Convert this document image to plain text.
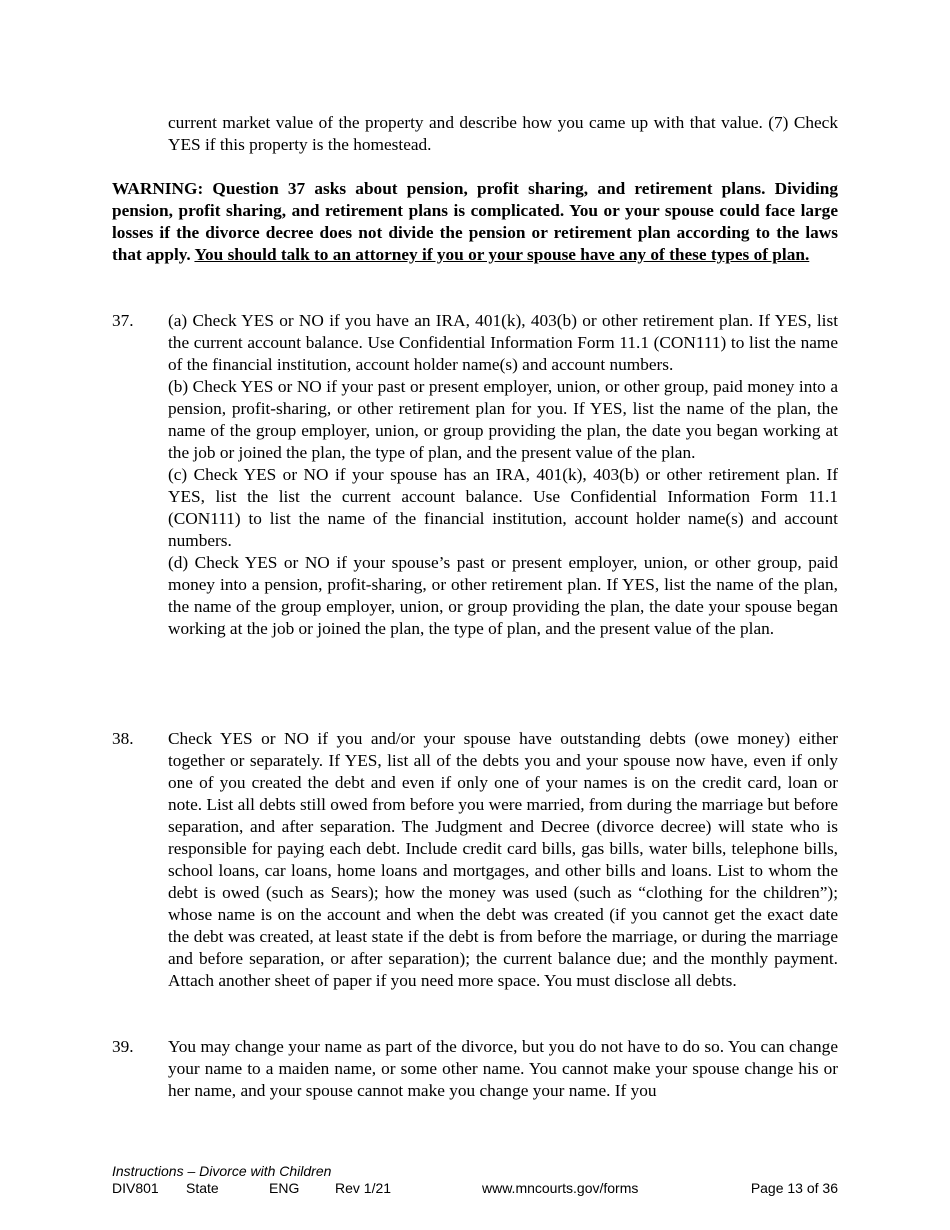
current market value of the property and describe how you came up with that value. (7) Check YES if this property is the homestead.
WARNING: Question 37 asks about pension, profit sharing, and retirement plans. Dividing pension, profit sharing, and retirement plans is complicated. You or your spouse could face large losses if the divorce decree does not divide the pension or retirement plan according to the laws that apply. You should talk to an attorney if you or your spouse have any of these types of plan.
37. (a) Check YES or NO if you have an IRA, 401(k), 403(b) or other retirement plan. If YES, list the current account balance. Use Confidential Information Form 11.1 (CON111) to list the name of the financial institution, account holder name(s) and account numbers.

(b) Check YES or NO if your past or present employer, union, or other group, paid money into a pension, profit-sharing, or other retirement plan for you. If YES, list the name of the plan, the name of the group employer, union, or group providing the plan, the date you began working at the job or joined the plan, the type of plan, and the present value of the plan.

(c) Check YES or NO if your spouse has an IRA, 401(k), 403(b) or other retirement plan. If YES, list the list the current account balance. Use Confidential Information Form 11.1 (CON111) to list the name of the financial institution, account holder name(s) and account numbers.

(d) Check YES or NO if your spouse’s past or present employer, union, or other group, paid money into a pension, profit-sharing, or other retirement plan. If YES, list the name of the plan, the name of the group employer, union, or group providing the plan, the date your spouse began working at the job or joined the plan, the type of plan, and the present value of the plan.

38. Check YES or NO if you and/or your spouse have outstanding debts (owe money) either together or separately. If YES, list all of the debts you and your spouse now have, even if only one of you created the debt and even if only one of your names is on the credit card, loan or note. List all debts still owed from before you were married, from during the marriage but before separation, and after separation. The Judgment and Decree (divorce decree) will state who is responsible for paying each debt. Include credit card bills, gas bills, water bills, telephone bills, school loans, car loans, home loans and mortgages, and other bills and loans. List to whom the debt is owed (such as Sears); how the money was used (such as “clothing for the children”); whose name is on the account and when the debt was created (if you cannot get the exact date the debt was created, at least state if the debt is from before the marriage, or during the marriage and before separation, or after separation); the current balance due; and the monthly payment. Attach another sheet of paper if you need more space. You must disclose all debts.

39. You may change your name as part of the divorce, but you do not have to do so. You can change your name to a maiden name, or some other name. You cannot make your spouse change his or her name, and your spouse cannot make you change your name. If you

Instructions – Divorce with Children
DIV801 State	ENG	Rev 1/21	www.mncourts.gov/forms	Page 13 of 36
